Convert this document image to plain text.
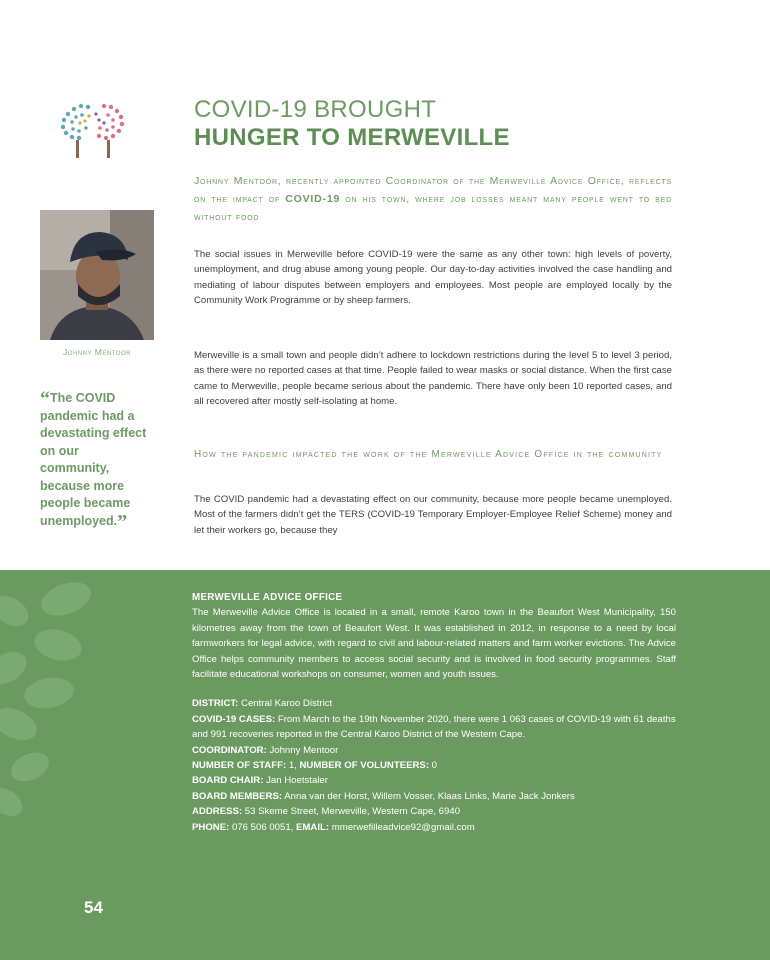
COVID-19 BROUGHT
HUNGER TO MERWEVILLE
Johnny Mentoor, recently appointed Coordinator of the Merweville Advice Office, reflects on the impact of COVID-19 on his town, where job losses meant many people went to bed without food
Johnny Mentoor
“The COVID pandemic had a devastating effect on our community, because more people became unemployed.”
The social issues in Merweville before COVID-19 were the same as any other town: high levels of poverty, unemployment, and drug abuse among young people. Our day-to-day activities involved the case handling and mediating of labour disputes between employers and employees. Most people are employed locally by the Community Work Programme or by sheep farmers.
Merweville is a small town and people didn’t adhere to lockdown restrictions during the level 5 to level 3 period, as there were no reported cases at that time. People failed to wear masks or social distance. When the first case came to Merweville, people became serious about the pandemic. There have only been 10 reported cases, and all recovered after mostly self-isolating at home.
How the pandemic impacted the work of the Merweville Advice Office in the community
The COVID pandemic had a devastating effect on our community, because more people became unemployed. Most of the farmers didn’t get the TERS (COVID-19 Temporary Employer-Employee Relief Scheme) money and let their workers go, because they
MERWEVILLE ADVICE OFFICE
The Merweville Advice Office is located in a small, remote Karoo town in the Beaufort West Municipality, 150 kilometres away from the town of Beaufort West. It was established in 2012, in response to a need by local farmworkers for legal advice, with regard to civil and labour-related matters and farm worker evictions. The Advice Office helps community members to access social security and is involved in food security programmes. Staff facilitate educational workshops on consumer, women and youth issues.
DISTRICT: Central Karoo District
COVID-19 CASES: From March to the 19th November 2020, there were 1 063 cases of COVID-19 with 61 deaths and 991 recoveries reported in the Central Karoo District of the Western Cape.
COORDINATOR: Johnny Mentoor
NUMBER OF STAFF: 1, NUMBER OF VOLUNTEERS: 0
BOARD CHAIR: Jan Hoetstaler
BOARD MEMBERS: Anna van der Horst, Willem Vosser, Klaas Links, Marie Jack Jonkers
ADDRESS: 53 Skeme Street, Merweville, Western Cape, 6940
PHONE: 076 506 0051, EMAIL: mmerwefilleadvice92@gmail.com
54
